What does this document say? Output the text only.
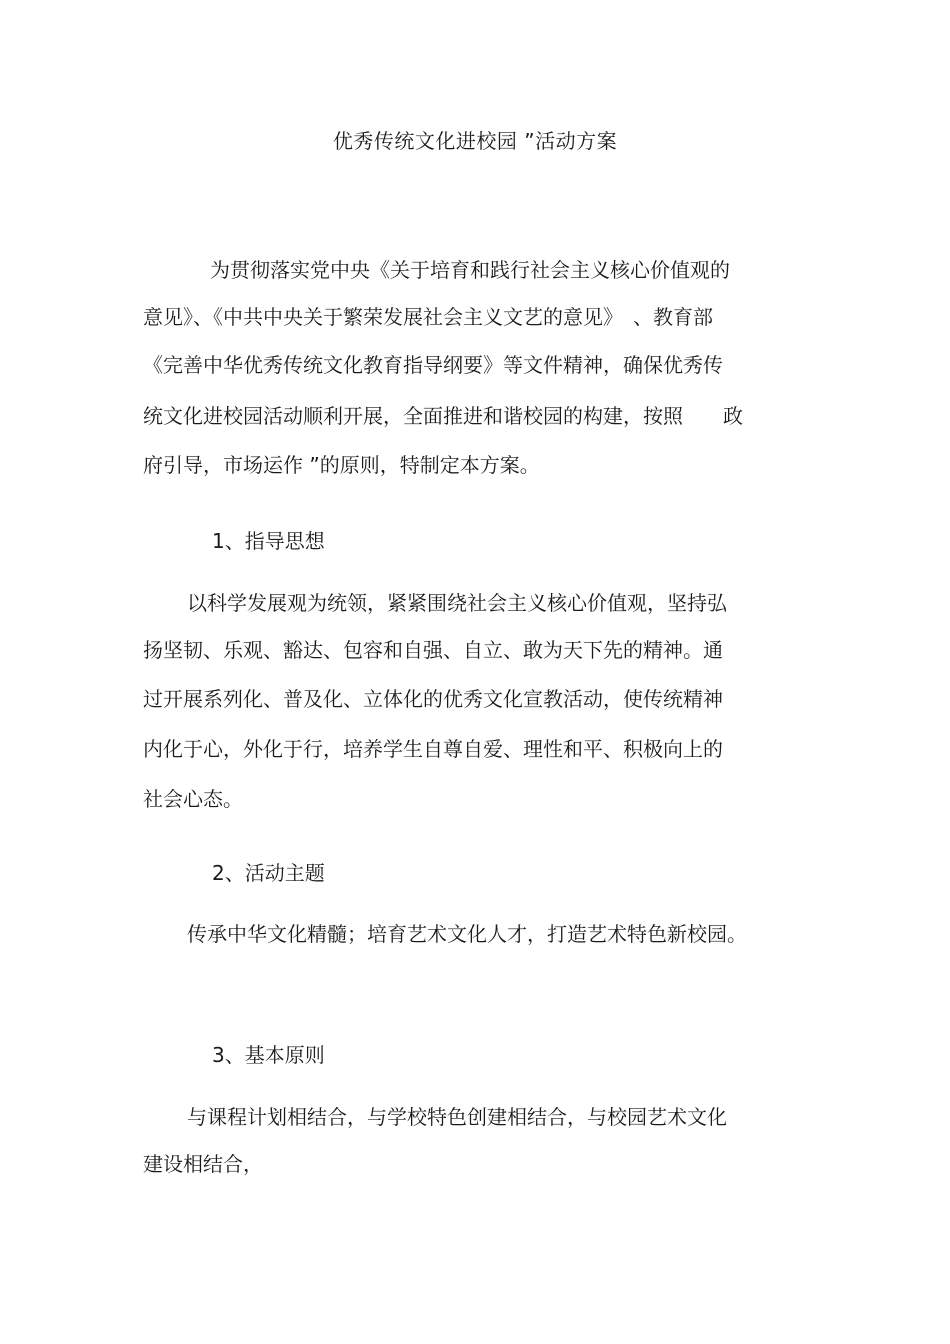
优秀传统文化进校园 ”活动方案
为贯彻落实党中央《关于培育和践行社会主义核心价值观的
意见》、《中共中央关于繁荣发展社会主义文艺的意见》　、教育部
《完善中华优秀传统文化教育指导纲要》等文件精神，确保优秀传
统文化进校园活动顺利开展，全面推进和谐校园的构建，按照　　政
府引导，市场运作 ”的原则，特制定本方案。
1、指导思想
以科学发展观为统领，紧紧围绕社会主义核心价值观，坚持弘
扬坚韧、乐观、豁达、包容和自强、自立、敢为天下先的精神。通
过开展系列化、普及化、立体化的优秀文化宣教活动，使传统精神
内化于心，外化于行，培养学生自尊自爱、理性和平、积极向上的
社会心态。
2、活动主题
传承中华文化精髓；培育艺术文化人才，打造艺术特色新校园。
3、基本原则
与课程计划相结合，与学校特色创建相结合，与校园艺术文化
建设相结合，
